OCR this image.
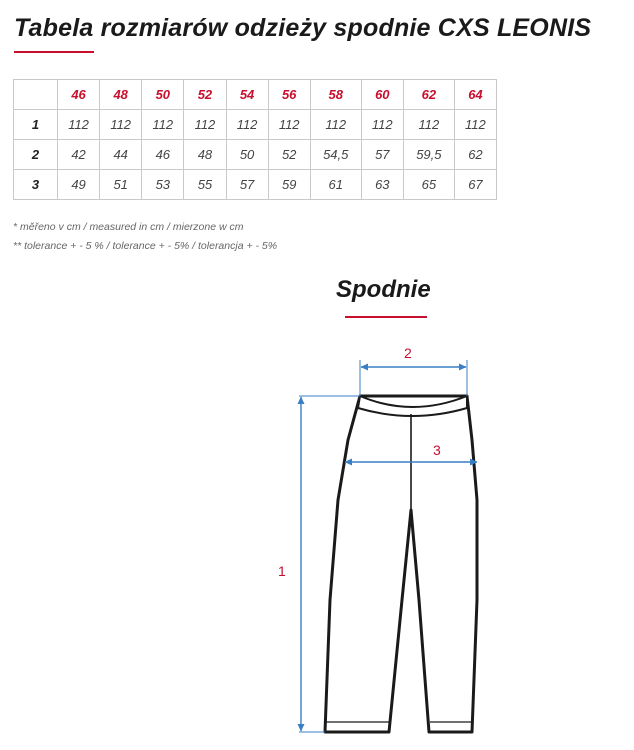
Tabela rozmiarów odzieży spodnie CXS LEONIS
	46	48	50	52	54	56	58	60	62	64
1	112	112	112	112	112	112	112	112	112	112
2	42	44	46	48	50	52	54,5	57	59,5	62
3	49	51	53	55	57	59	61	63	65	67

* měřeno v cm / measured in cm / mierzone w cm

** tolerance + - 5 % / tolerance + - 5% / tolerancja + - 5%

Spodnie
2
3
1
